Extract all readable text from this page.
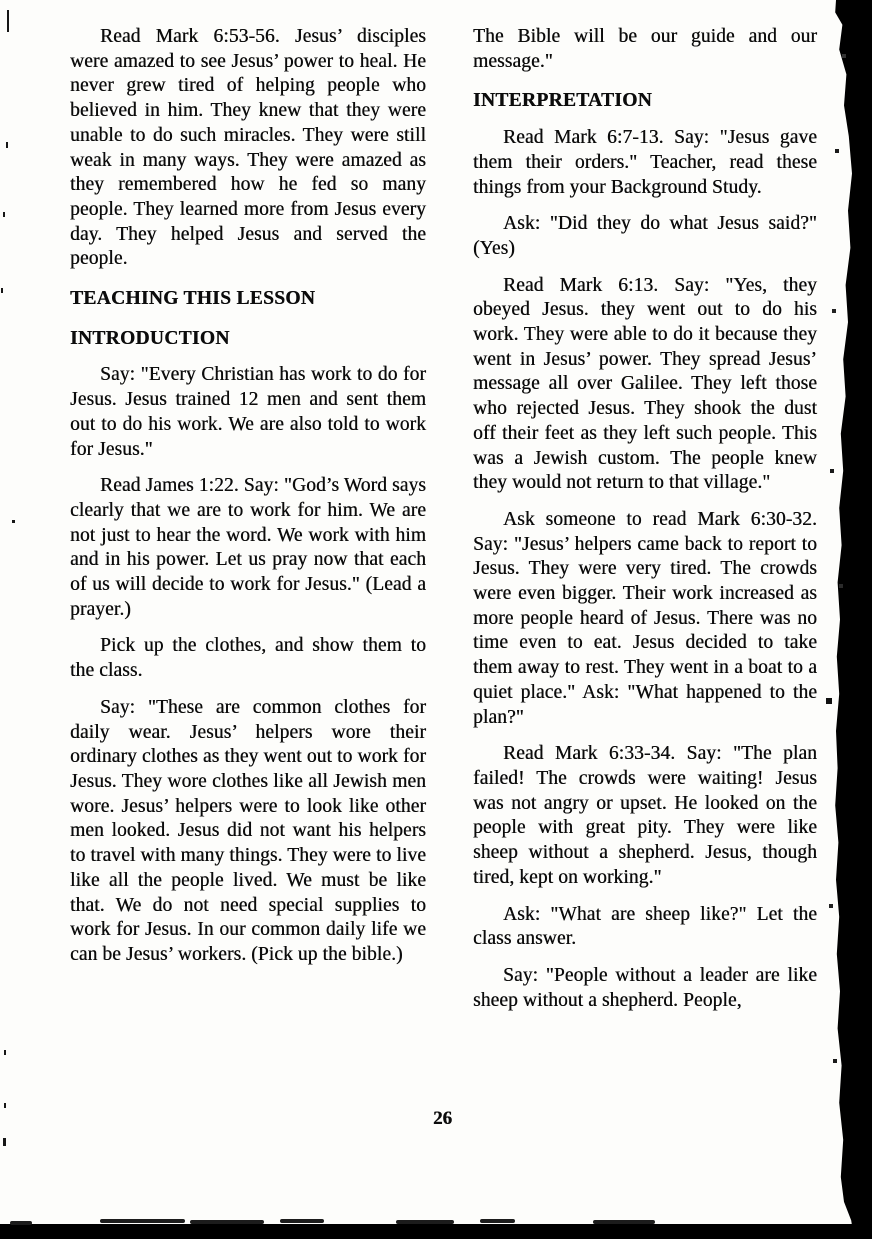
Read Mark 6:53-56. Jesus’ disciples were amazed to see Jesus’ power to heal. He never grew tired of helping people who believed in him. They knew that they were unable to do such miracles. They were still weak in many ways. They were amazed as they remembered how he fed so many people. They learned more from Jesus every day. They helped Jesus and served the people.

TEACHING THIS LESSON
INTRODUCTION

Say: "Every Christian has work to do for Jesus. Jesus trained 12 men and sent them out to do his work. We are also told to work for Jesus."

Read James 1:22. Say: "God’s Word says clearly that we are to work for him. We are not just to hear the word. We work with him and in his power. Let us pray now that each of us will decide to work for Jesus." (Lead a prayer.)

Pick up the clothes, and show them to the class.

Say: "These are common clothes for daily wear. Jesus’ helpers wore their ordinary clothes as they went out to work for Jesus. They wore clothes like all Jewish men wore. Jesus’ helpers were to look like other men looked. Jesus did not want his helpers to travel with many things. They were to live like all the people lived. We must be like that. We do not need special supplies to work for Jesus. In our common daily life we can be Jesus’ workers. (Pick up the bible.)

The Bible will be our guide and our message."

INTERPRETATION

Read Mark 6:7-13. Say: "Jesus gave them their orders." Teacher, read these things from your Background Study.

Ask: "Did they do what Jesus said?" (Yes)

Read Mark 6:13. Say: "Yes, they obeyed Jesus. they went out to do his work. They were able to do it because they went in Jesus’ power. They spread Jesus’ message all over Galilee. They left those who rejected Jesus. They shook the dust off their feet as they left such people. This was a Jewish custom. The people knew they would not return to that village."

Ask someone to read Mark 6:30-32. Say: "Jesus’ helpers came back to report to Jesus. They were very tired. The crowds were even bigger. Their work increased as more people heard of Jesus. There was no time even to eat. Jesus decided to take them away to rest. They went in a boat to a quiet place." Ask: "What happened to the plan?"

Read Mark 6:33-34. Say: "The plan failed! The crowds were waiting! Jesus was not angry or upset. He looked on the people with great pity. They were like sheep without a shepherd. Jesus, though tired, kept on working."

Ask: "What are sheep like?" Let the class answer.

Say: "People without a leader are like sheep without a shepherd. People,

26
